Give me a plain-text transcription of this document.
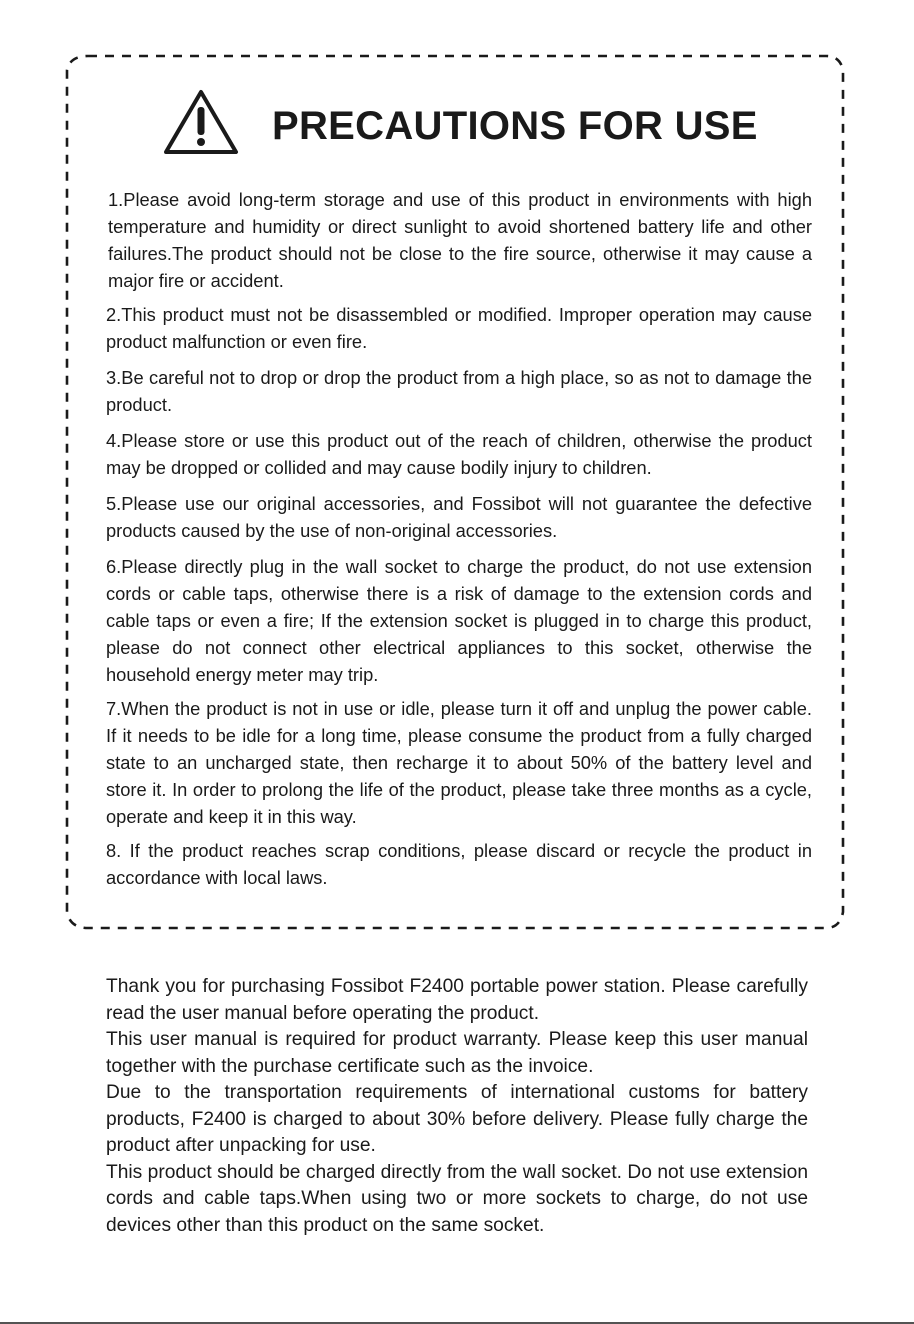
PRECAUTIONS FOR USE

1.Please avoid long-term storage and use of this product in environments with high temperature and humidity or direct sunlight to avoid shortened battery life and other failures.The product should not be close to the fire source, otherwise it may cause a major fire or accident.

2.This product must not be disassembled or modified. Improper operation may cause product malfunction or even fire.

3.Be careful not to drop or drop the product from a high place, so as not to damage the product.

4.Please store or use this product out of the reach of children, otherwise the product may be dropped or collided and may cause bodily injury to children.

5.Please use our original accessories, and Fossibot will not guarantee the defective products caused by the use of non-original accessories.

6.Please directly plug in the wall socket to charge the product, do not use extension cords or cable taps, otherwise there is a risk of damage to the extension cords and cable taps or even a fire; If the extension socket is plugged in to charge this product, please do not connect other electrical appliances to this socket, otherwise the household energy meter may trip.

7.When the product is not in use or idle, please turn it off and unplug the power cable. If it needs to be idle for a long time, please consume the product from a fully charged state to an uncharged state, then recharge it to about 50% of the battery level and store it. In order to prolong the life of the product, please take three months as a cycle, operate and keep it in this way.

8. If the product reaches scrap conditions, please discard or recycle the product in accordance with local laws.

Thank you for purchasing Fossibot F2400 portable power station. Please carefully read the user manual before operating the product.

This user manual is required for product warranty. Please keep this user manual together with the purchase certificate such as the invoice.

Due to the transportation requirements of international customs for battery products, F2400 is charged to about 30% before delivery. Please fully charge the product after unpacking for use.

This product should be charged directly from the wall socket. Do not use extension cords and cable taps.When using two or more sockets to charge, do not use devices other than this product on the same socket.
